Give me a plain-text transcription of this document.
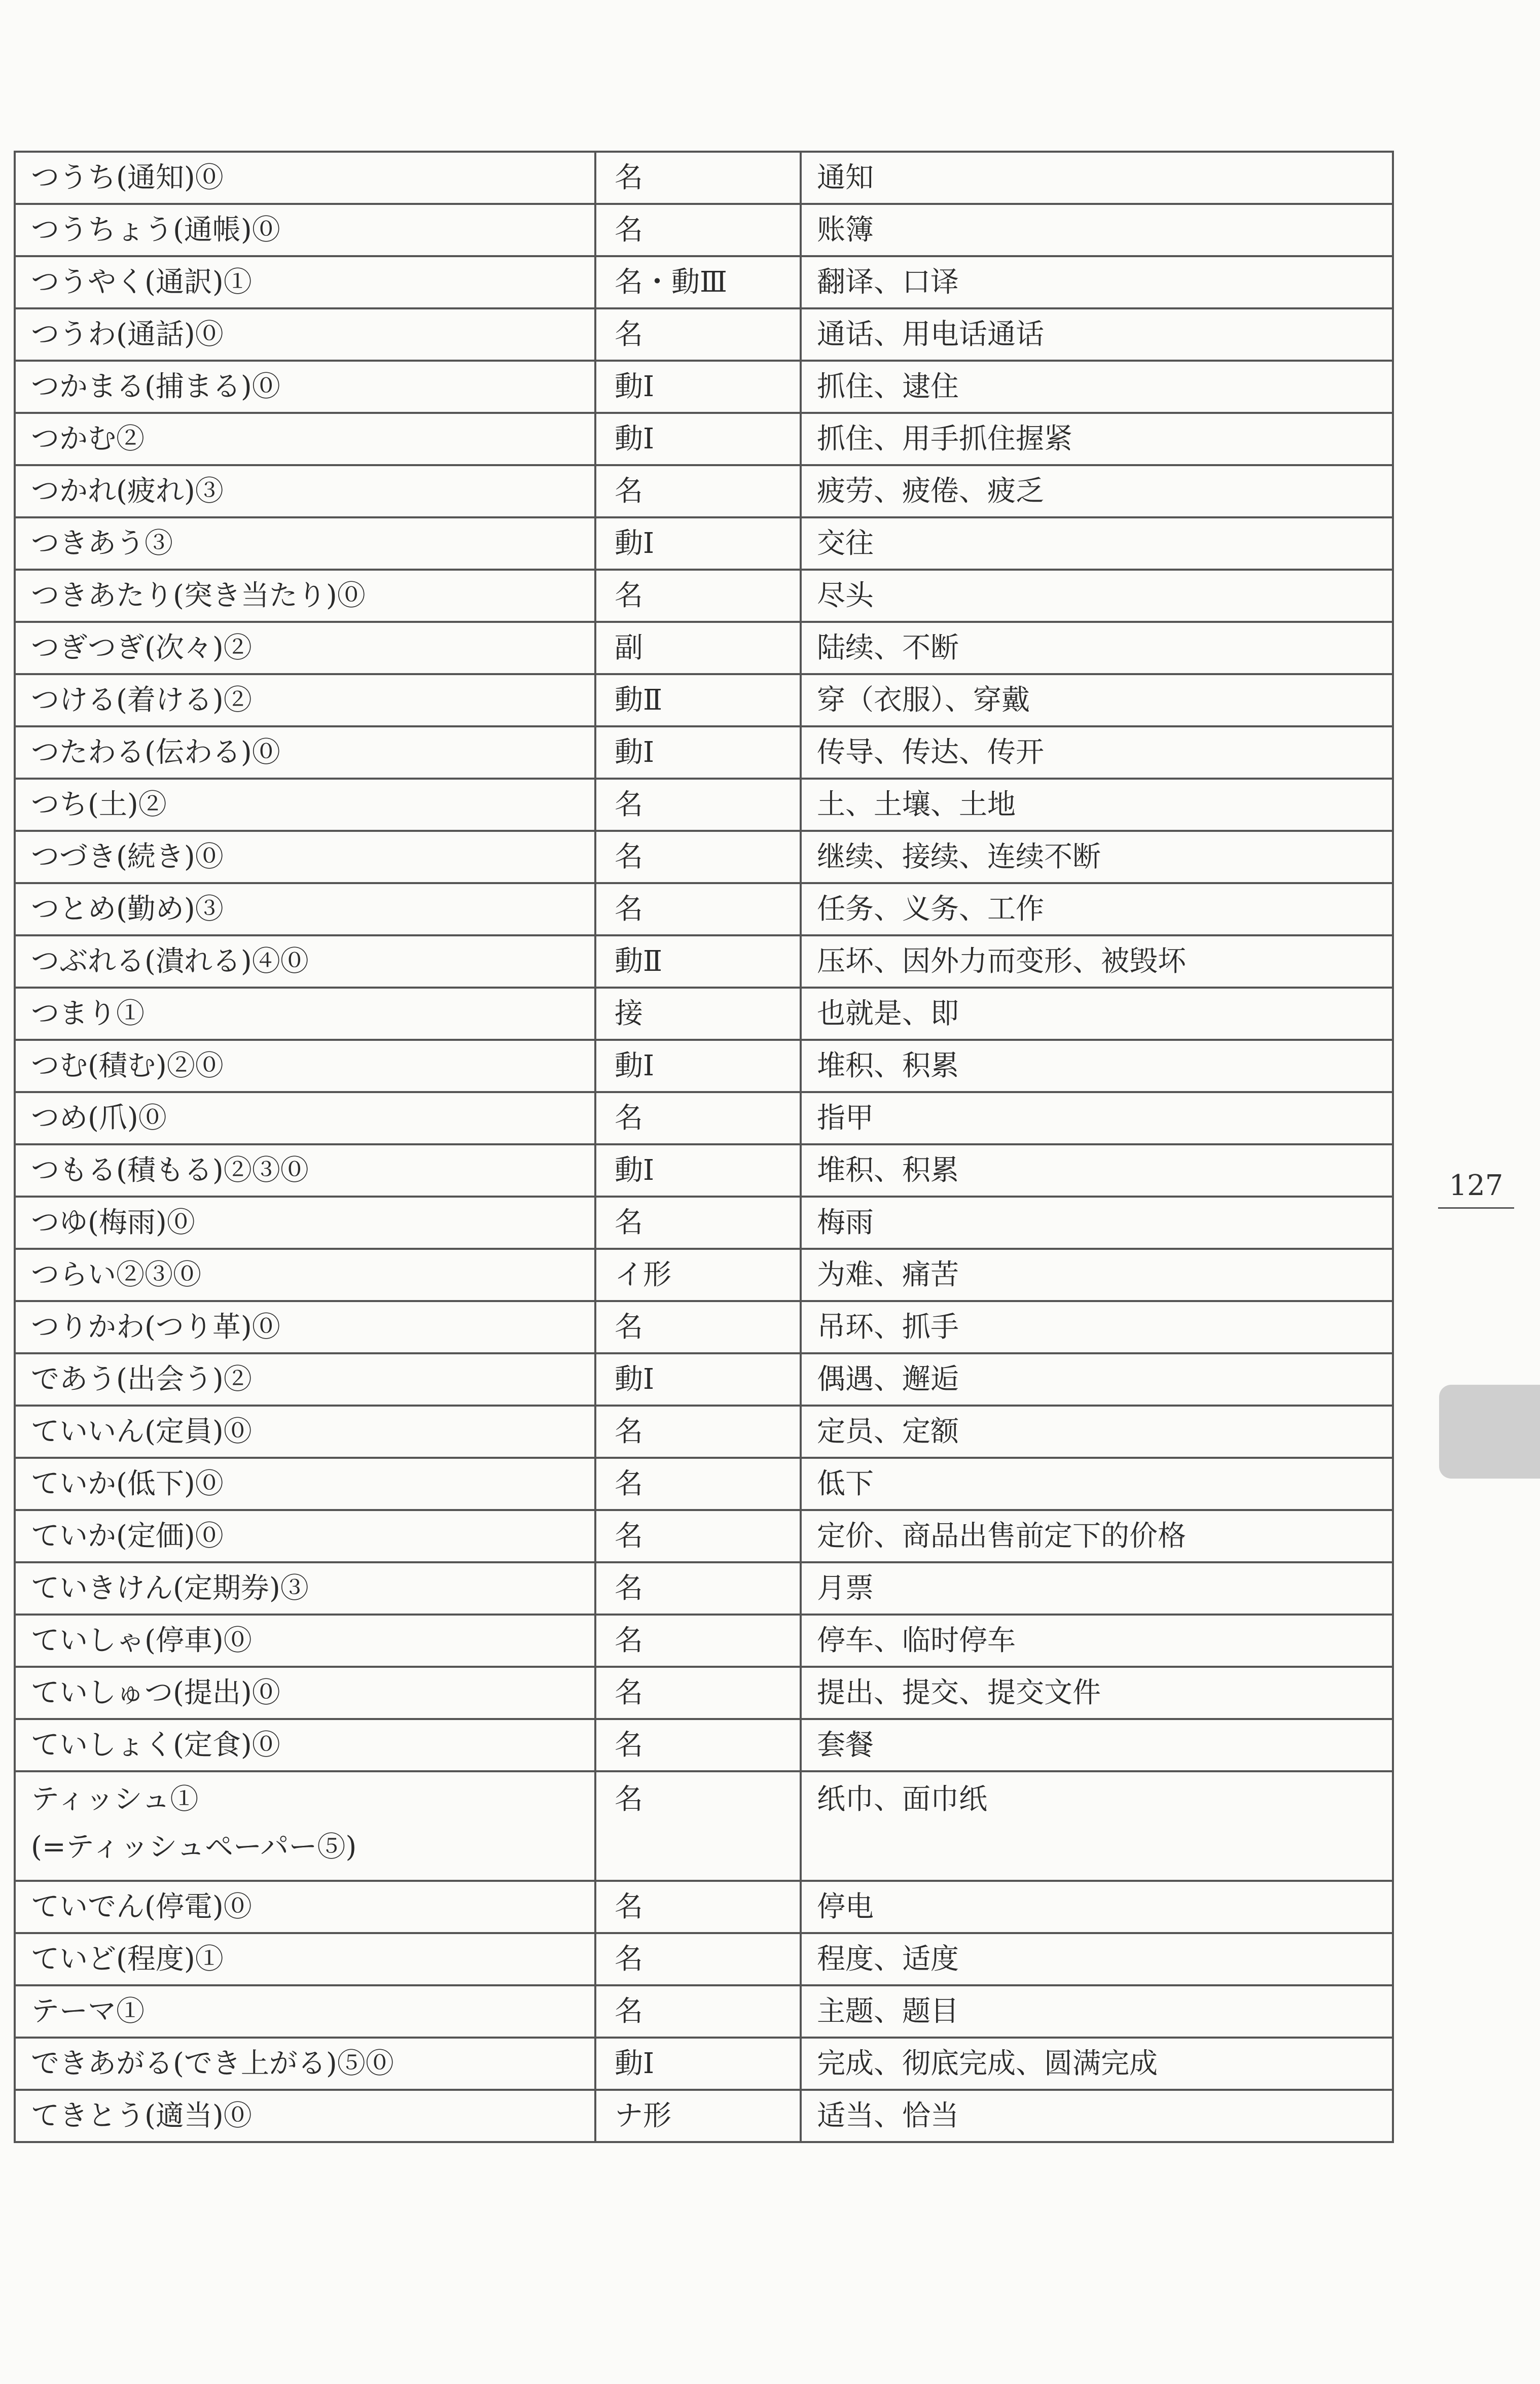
つうち(通知)⓪	名	通知

つうちょう(通帳)⓪	名	账簿

つうやく(通訳)①	名・動Ⅲ	翻译、口译

つうわ(通話)⓪	名	通话、用电话通话

つかまる(捕まる)⓪	動Ⅰ	抓住、逮住

つかむ②	動Ⅰ	抓住、用手抓住握紧

つかれ(疲れ)③	名	疲劳、疲倦、疲乏

つきあう③	動Ⅰ	交往

つきあたり(突き当たり)⓪	名	尽头

つぎつぎ(次々)②	副	陆续、不断

つける(着ける)②	動Ⅱ	穿（衣服）、穿戴

つたわる(伝わる)⓪	動Ⅰ	传导、传达、传开

つち(土)②	名	土、土壤、土地

つづき(続き)⓪	名	继续、接续、连续不断

つとめ(勤め)③	名	任务、义务、工作

つぶれる(潰れる)④⓪	動Ⅱ	压坏、因外力而变形、被毁坏

つまり①	接	也就是、即

つむ(積む)②⓪	動Ⅰ	堆积、积累

つめ(爪)⓪	名	指甲

つもる(積もる)②③⓪	動Ⅰ	堆积、积累

つゆ(梅雨)⓪	名	梅雨

つらい②③⓪	イ形	为难、痛苦

つりかわ(つり革)⓪	名	吊环、抓手

であう(出会う)②	動Ⅰ	偶遇、邂逅

ていいん(定員)⓪	名	定员、定额

ていか(低下)⓪	名	低下

ていか(定価)⓪	名	定价、商品出售前定下的价格

ていきけん(定期券)③	名	月票

ていしゃ(停車)⓪	名	停车、临时停车

ていしゅつ(提出)⓪	名	提出、提交、提交文件

ていしょく(定食)⓪	名	套餐

ティッシュ①
(=ティッシュペーパー⑤)	名	纸巾、面巾纸

ていでん(停電)⓪	名	停电

ていど(程度)①	名	程度、适度

テーマ①	名	主题、题目

できあがる(でき上がる)⑤⓪	動Ⅰ	完成、彻底完成、圆满完成

てきとう(適当)⓪	ナ形	适当、恰当
127
